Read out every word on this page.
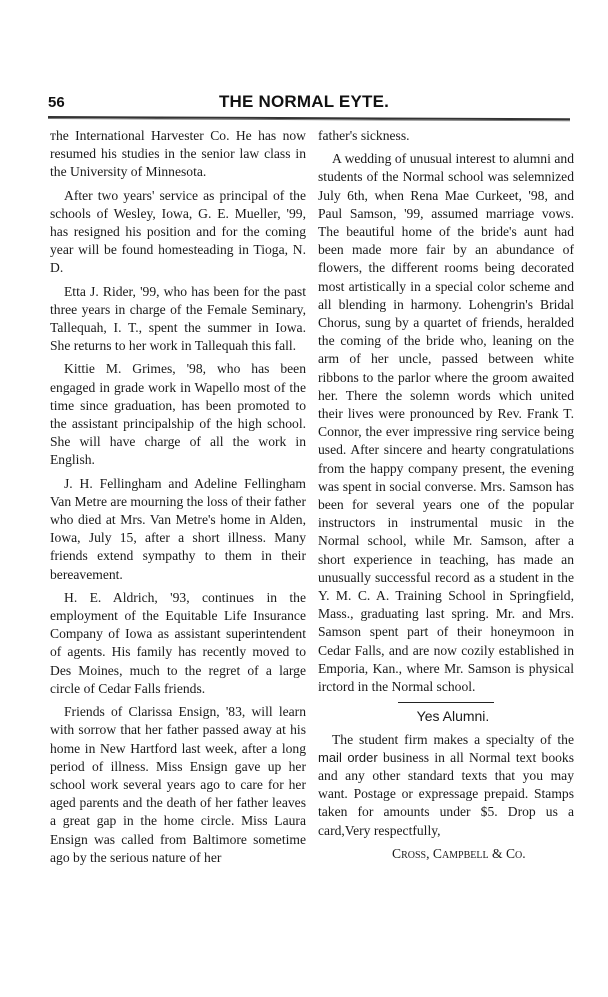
56	THE NORMAL EYTE.

ᴛhe International Harvester Co. He has now resumed his studies in the senior law class in the University of Minnesota.

After two years' service as principal of the schools of Wesley, Iowa, G. E. Mueller, '99, has resigned his position and for the coming year will be found homesteading in Tioga, N. D.

Etta J. Rider, '99, who has been for the past three years in charge of the Female Seminary, Tallequah, I. T., spent the summer in Iowa. She returns to her work in Tallequah this fall.

Kittie M. Grimes, '98, who has been engaged in grade work in Wapello most of the time since graduation, has been promoted to the assistant principalship of the high school. She will have charge of all the work in English.

J. H. Fellingham and Adeline Fellingham Van Metre are mourning the loss of their father who died at Mrs. Van Metre's home in Alden, Iowa, July 15, after a short illness. Many friends extend sympathy to them in their bereavement.

H. E. Aldrich, '93, continues in the employment of the Equitable Life Insurance Company of Iowa as assistant superintendent of agents. His family has recently moved to Des Moines, much to the regret of a large circle of Cedar Falls friends.

Friends of Clarissa Ensign, '83, will learn with sorrow that her father passed away at his home in New Hartford last week, after a long period of illness. Miss Ensign gave up her school work several years ago to care for her aged parents and the death of her father leaves a great gap in the home circle. Miss Laura Ensign was called from Baltimore sometime ago by the serious nature of her

father's sickness.

A wedding of unusual interest to alumni and students of the Normal school was selemnized July 6th, when Rena Mae Curkeet, '98, and Paul Samson, '99, assumed marriage vows. The beautiful home of the bride's aunt had been made more fair by an abundance of flowers, the different rooms being decorated most artistically in a special color scheme and all blending in harmony. Lohengrin's Bridal Chorus, sung by a quartet of friends, heralded the coming of the bride who, leaning on the arm of her uncle, passed between white ribbons to the parlor where the groom awaited her. There the solemn words which united their lives were pronounced by Rev. Frank T. Connor, the ever impressive ring service being used. After sincere and hearty congratulations from the happy company present, the evening was spent in social converse. Mrs. Samson has been for several years one of the popular instructors in instrumental music in the Normal school, while Mr. Samson, after a short experience in teaching, has made an unusually successful record as a student in the Y. M. C. A. Training School in Springfield, Mass., graduating last spring. Mr. and Mrs. Samson spent part of their honeymoon in Cedar Falls, and are now cozily established in Emporia, Kan., where Mr. Samson is physical irctord in the Normal school.

Yes Alumni.

The student firm makes a specialty of the mail order business in all Normal text books and any other standard texts that you may want. Postage or expressage prepaid. Stamps taken for amounts under $5. Drop us a card,Very respectfully,

Cross, Campbell & Co.
